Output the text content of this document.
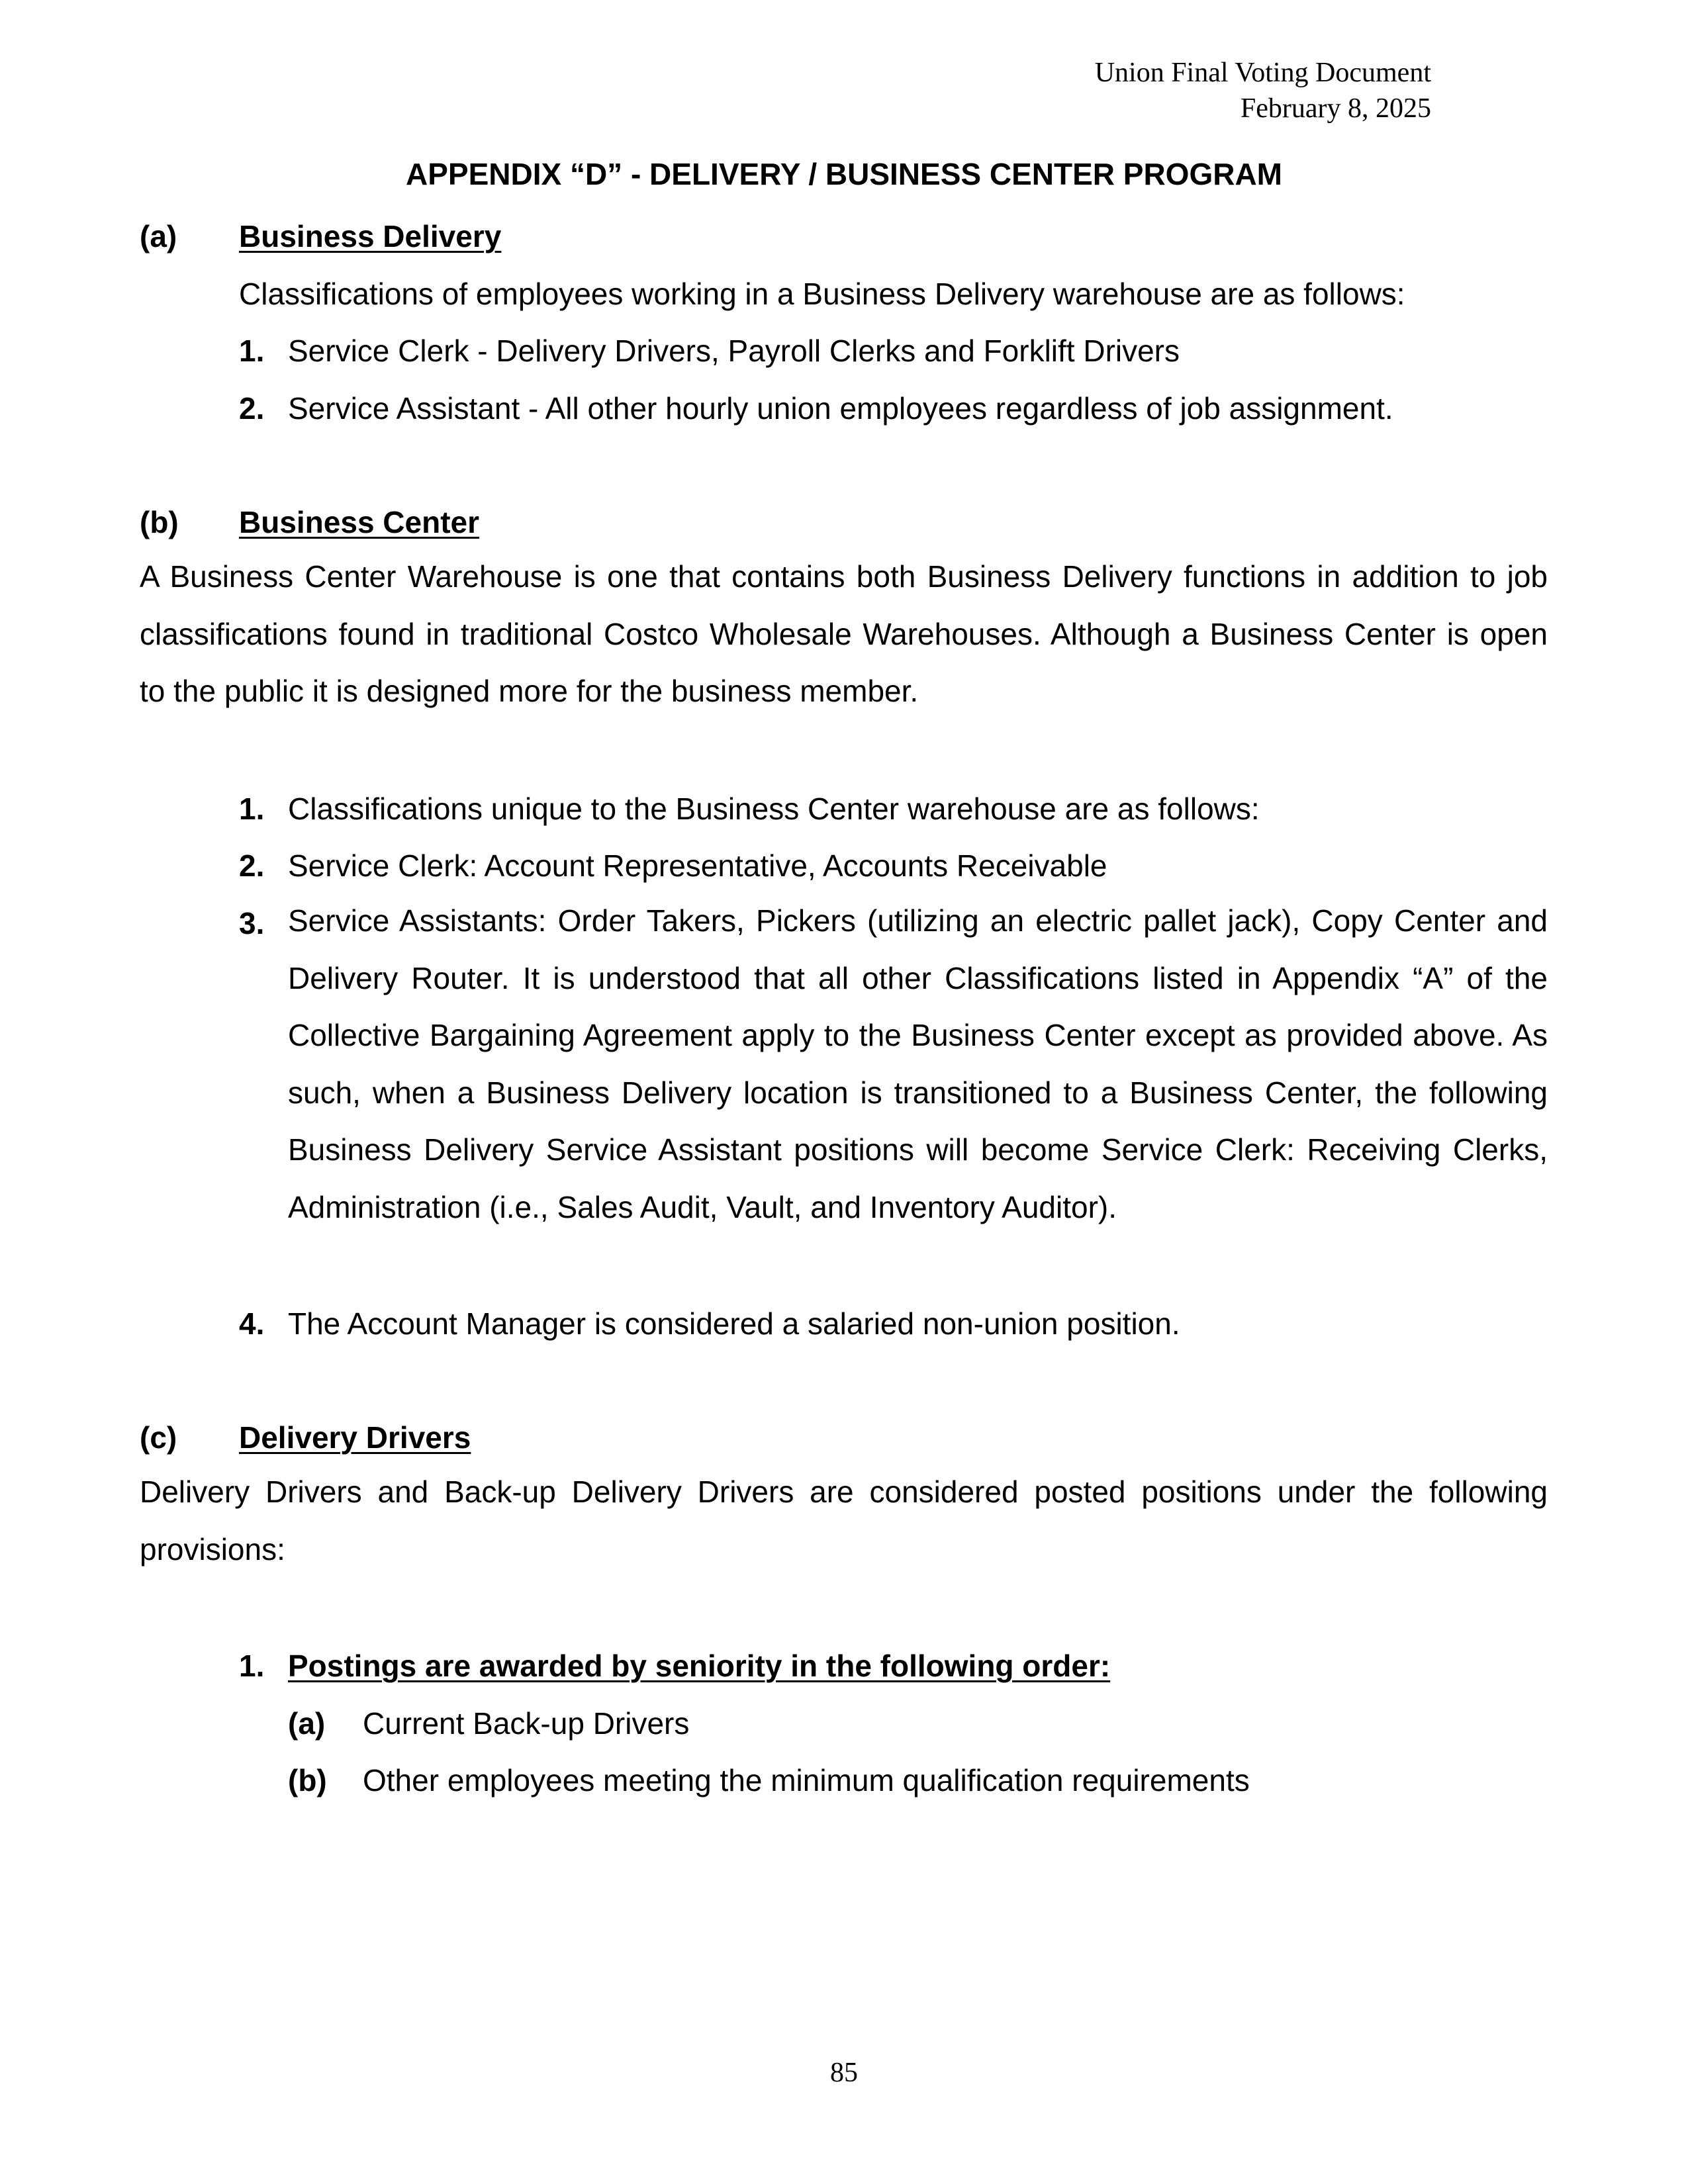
Union Final Voting Document
February 8, 2025
APPENDIX “D” - DELIVERY / BUSINESS CENTER PROGRAM
(a) Business Delivery
Classifications of employees working in a Business Delivery warehouse are as follows:
1. Service Clerk - Delivery Drivers, Payroll Clerks and Forklift Drivers
2. Service Assistant - All other hourly union employees regardless of job assignment.
(b) Business Center
A Business Center Warehouse is one that contains both Business Delivery functions in addition to job classifications found in traditional Costco Wholesale Warehouses. Although a Business Center is open to the public it is designed more for the business member.
1. Classifications unique to the Business Center warehouse are as follows:
2. Service Clerk: Account Representative, Accounts Receivable
3. Service Assistants: Order Takers, Pickers (utilizing an electric pallet jack), Copy Center and Delivery Router. It is understood that all other Classifications listed in Appendix “A” of the Collective Bargaining Agreement apply to the Business Center except as provided above. As such, when a Business Delivery location is transitioned to a Business Center, the following Business Delivery Service Assistant positions will become Service Clerk: Receiving Clerks, Administration (i.e., Sales Audit, Vault, and Inventory Auditor).
4. The Account Manager is considered a salaried non-union position.
(c) Delivery Drivers
Delivery Drivers and Back-up Delivery Drivers are considered posted positions under the following provisions:
1. Postings are awarded by seniority in the following order:
(a) Current Back-up Drivers
(b) Other employees meeting the minimum qualification requirements
85
